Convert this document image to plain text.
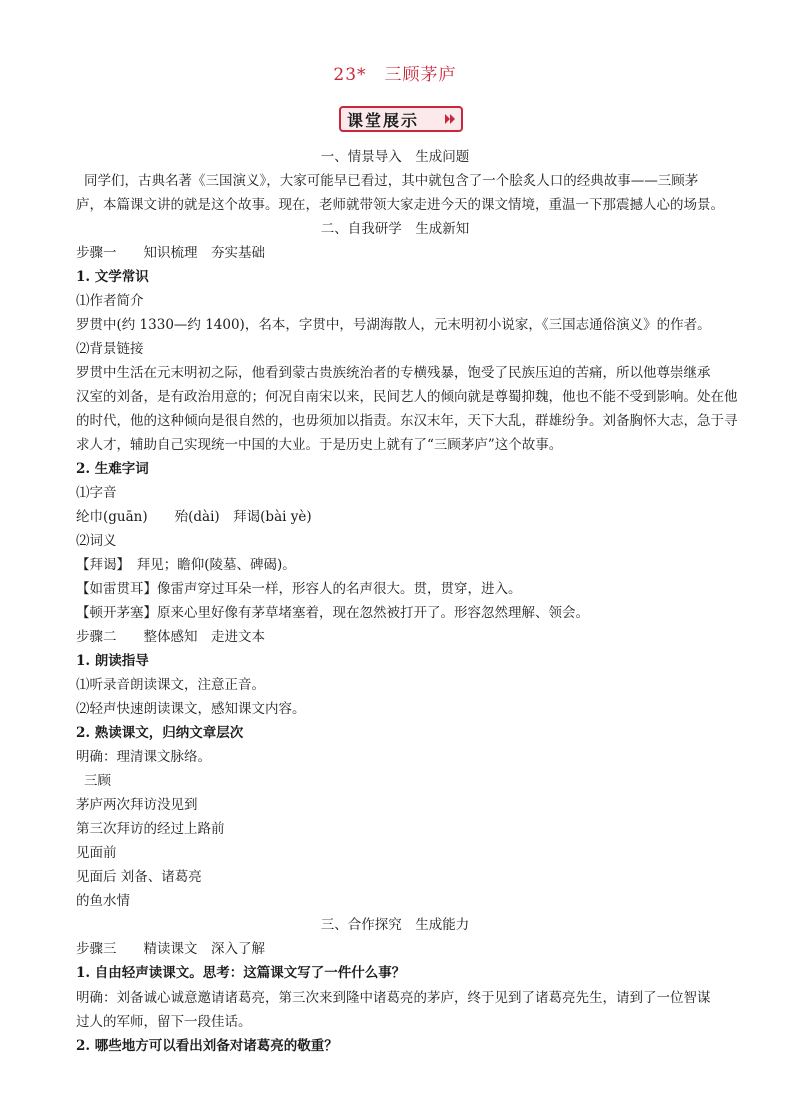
23*　三顾茅庐
课堂展示
一、情景导入　生成问题
同学们，古典名著《三国演义》，大家可能早已看过，其中就包含了一个脍炙人口的经典故事——三顾茅
庐，本篇课文讲的就是这个故事。现在，老师就带领大家走进今天的课文情境，重温一下那震撼人心的场景。
二、自我研学　生成新知
步骤一　　知识梳理　夯实基础
1. 文学常识
⑴作者简介
罗贯中(约 1330—约 1400)，名本，字贯中，号湖海散人，元末明初小说家，《三国志通俗演义》的作者。
⑵背景链接
罗贯中生活在元末明初之际，他看到蒙古贵族统治者的专横残暴，饱受了民族压迫的苦痛，所以他尊崇继承
汉室的刘备，是有政治用意的；何况自南宋以来，民间艺人的倾向就是尊蜀抑魏，他也不能不受到影响。处在他
的时代，他的这种倾向是很自然的，也毋须加以指责。东汉末年，天下大乱，群雄纷争。刘备胸怀大志，急于寻
求人才，辅助自己实现统一中国的大业。于是历史上就有了“三顾茅庐”这个故事。
2. 生难字词
⑴字音
纶巾(guān)　　殆(dài)　拜谒(bài yè)
⑵词义
【拜谒】　拜见；瞻仰(陵墓、碑碣)。
【如雷贯耳】像雷声穿过耳朵一样，形容人的名声很大。贯，贯穿，进入。
【顿开茅塞】原来心里好像有茅草堵塞着，现在忽然被打开了。形容忽然理解、领会。
步骤二　　整体感知　走进文本
1. 朗读指导
⑴听录音朗读课文，注意正音。
⑵轻声快速朗读课文，感知课文内容。
2. 熟读课文，归纳文章层次
明确：理清课文脉络。
三顾
茅庐两次拜访没见到
第三次拜访的经过上路前
见面前
见面后 刘备、诸葛亮
的鱼水情
三、合作探究　生成能力
步骤三　　精读课文　深入了解
1. 自由轻声读课文。思考：这篇课文写了一件什么事？
明确：刘备诚心诚意邀请诸葛亮，第三次来到隆中诸葛亮的茅庐，终于见到了诸葛亮先生，请到了一位智谋
过人的军师，留下一段佳话。
2. 哪些地方可以看出刘备对诸葛亮的敬重？
